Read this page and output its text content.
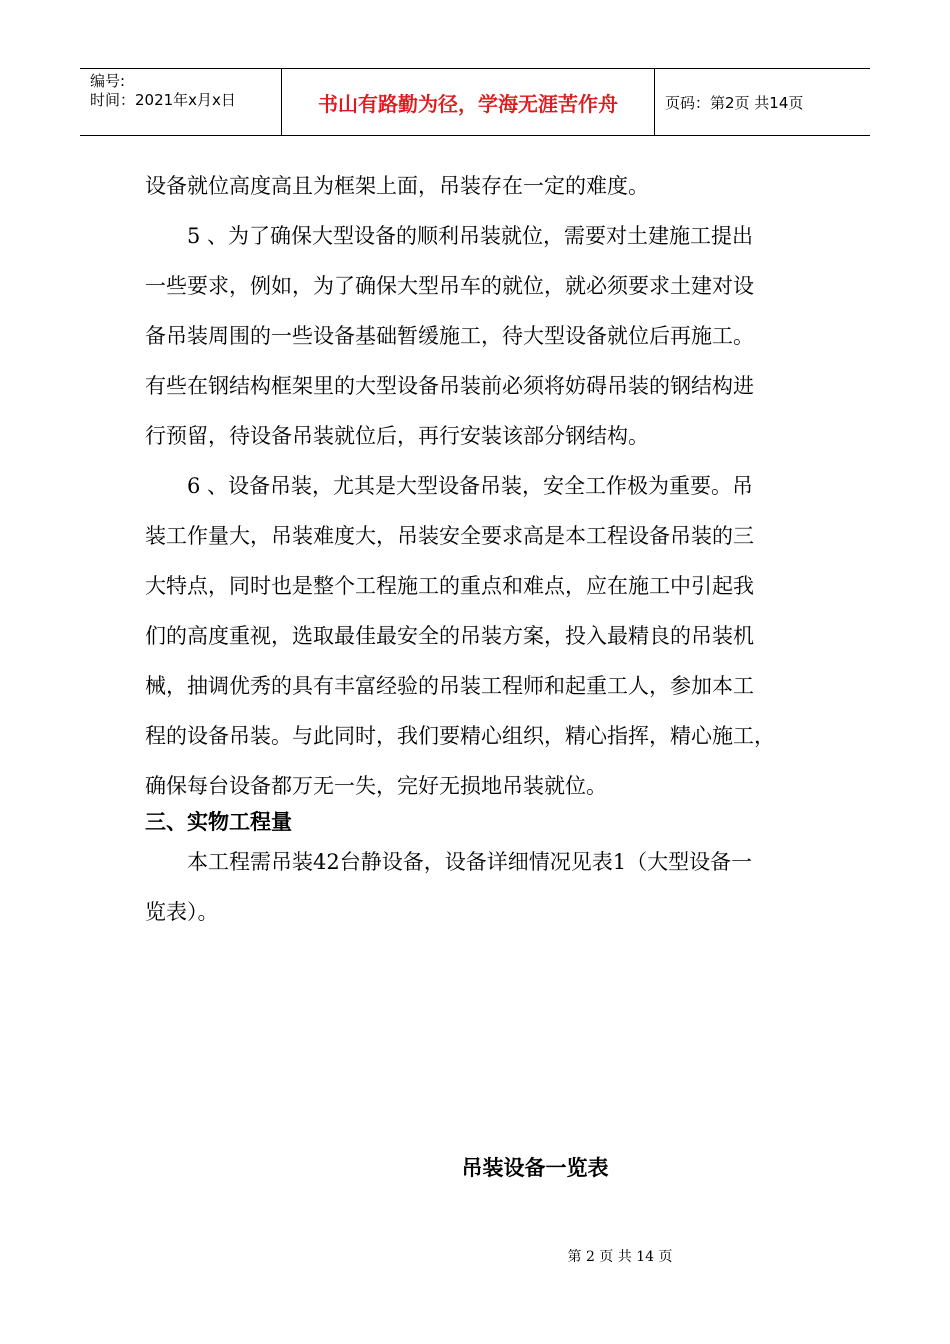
编号:
时间：2021年x月x日	书山有路勤为径，学海无涯苦作舟	页码：第2页 共14页
设备就位高度高且为框架上面，吊装存在一定的难度。
　　5 、为了确保大型设备的顺利吊装就位，需要对土建施工提出
一些要求，例如，为了确保大型吊车的就位，就必须要求土建对设
备吊装周围的一些设备基础暂缓施工，待大型设备就位后再施工。
有些在钢结构框架里的大型设备吊装前必须将妨碍吊装的钢结构进
行预留，待设备吊装就位后，再行安装该部分钢结构。
　　6 、设备吊装，尤其是大型设备吊装，安全工作极为重要。吊
装工作量大，吊装难度大，吊装安全要求高是本工程设备吊装的三
大特点，同时也是整个工程施工的重点和难点，应在施工中引起我
们的高度重视，选取最佳最安全的吊装方案，投入最精良的吊装机
械，抽调优秀的具有丰富经验的吊装工程师和起重工人，参加本工
程的设备吊装。与此同时，我们要精心组织，精心指挥，精心施工，
确保每台设备都万无一失，完好无损地吊装就位。
三、实物工程量
　　本工程需吊装42台静设备，设备详细情况见表1（大型设备一
览表）。
吊装设备一览表
第 2 页 共 14 页
